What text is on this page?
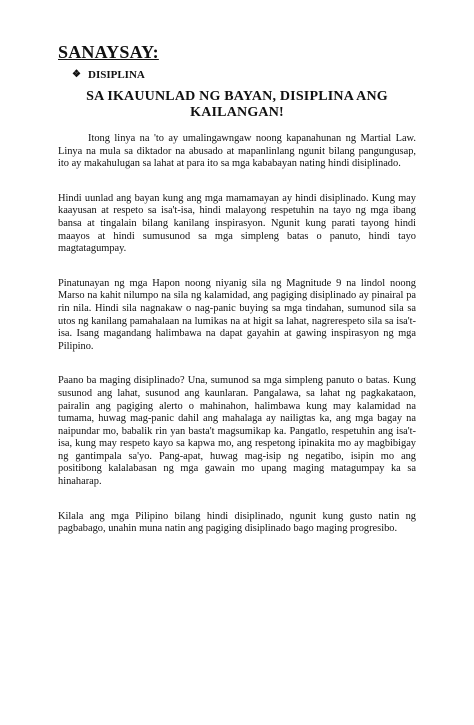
SANAYSAY:
❖ DISIPLINA
SA IKAUUNLAD NG BAYAN, DISIPLINA ANG KAILANGAN!

Itong linya na 'to ay umalingawngaw noong kapanahunan ng Martial Law. Linya na mula sa diktador na abusado at mapanlinlang ngunit bilang pangungusap, ito ay makahulugan sa lahat at para ito sa mga kababayan nating hindi disiplinado.

Hindi uunlad ang bayan kung ang mga mamamayan ay hindi disiplinado. Kung may kaayusan at respeto sa isa't-isa, hindi malayong respetuhin na tayo ng mga ibang bansa at tingalain bilang kanilang inspirasyon. Ngunit kung parati tayong hindi maayos at hindi sumusunod sa mga simpleng batas o panuto, hindi tayo magtatagumpay.

Pinatunayan ng mga Hapon noong niyanig sila ng Magnitude 9 na lindol noong Marso na kahit nilumpo na sila ng kalamidad, ang pagiging disiplinado ay pinairal pa rin nila. Hindi sila nagnakaw o nag-panic buying sa mga tindahan, sumunod sila sa utos ng kanilang pamahalaan na lumikas na at higit sa lahat, nagrerespeto sila sa isa't-isa. Isang magandang halimbawa na dapat gayahin at gawing inspirasyon ng mga Pilipino.

Paano ba maging disiplinado? Una, sumunod sa mga simpleng panuto o batas. Kung susunod ang lahat, susunod ang kaunlaran. Pangalawa, sa lahat ng pagkakataon, pairalin ang pagiging alerto o mahinahon, halimbawa kung may kalamidad na tumama, huwag mag-panic dahil ang mahalaga ay nailigtas ka, ang mga bagay na naipundar mo, babalik rin yan basta't magsumikap ka. Pangatlo, respetuhin ang isa't-isa, kung may respeto kayo sa kapwa mo, ang respetong ipinakita mo ay magbibigay ng gantimpala sa'yo. Pang-apat, huwag mag-isip ng negatibo, isipin mo ang positibong kalalabasan ng mga gawain mo upang maging matagumpay ka sa hinaharap.

Kilala ang mga Pilipino bilang hindi disiplinado, ngunit kung gusto natin ng pagbabago, unahin muna natin ang pagiging disiplinado bago maging progresibo.
